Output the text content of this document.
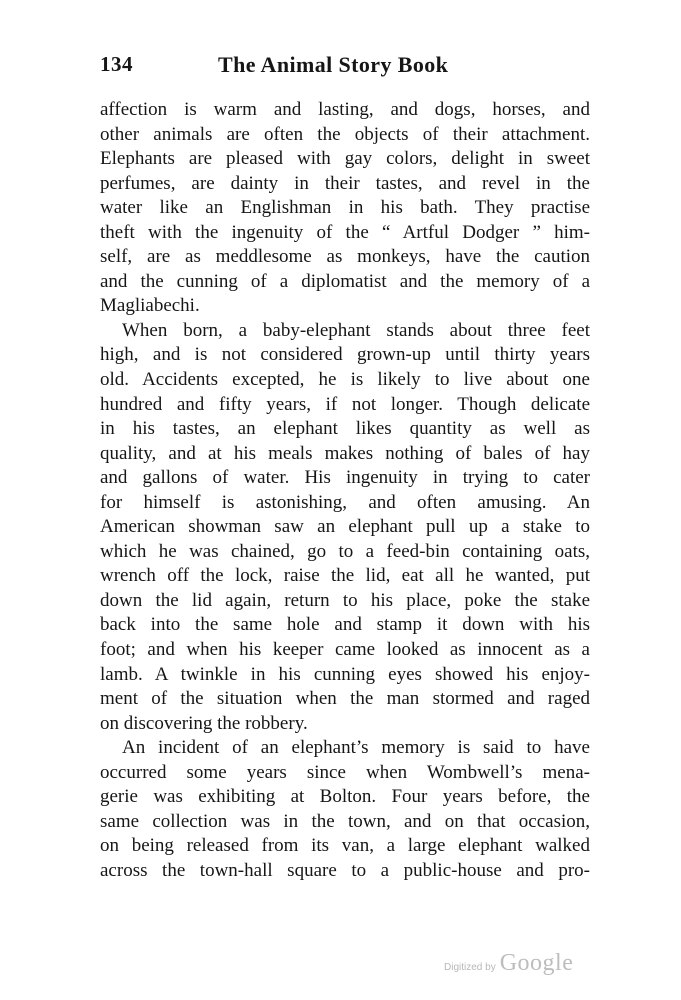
134	The Animal Story Book
affection is warm and lasting, and dogs, horses, and
other animals are often the objects of their attachment.
Elephants are pleased with gay colors, delight in sweet
perfumes, are dainty in their tastes, and revel in the
water like an Englishman in his bath. They practise
theft with the ingenuity of the “ Artful Dodger ” him-
self, are as meddlesome as monkeys, have the caution
and the cunning of a diplomatist and the memory of a
Magliabechi.
When born, a baby-elephant stands about three feet
high, and is not considered grown-up until thirty years
old. Accidents excepted, he is likely to live about one
hundred and fifty years, if not longer. Though delicate
in his tastes, an elephant likes quantity as well as
quality, and at his meals makes nothing of bales of hay
and gallons of water. His ingenuity in trying to cater
for himself is astonishing, and often amusing. An
American showman saw an elephant pull up a stake to
which he was chained, go to a feed-bin containing oats,
wrench off the lock, raise the lid, eat all he wanted, put
down the lid again, return to his place, poke the stake
back into the same hole and stamp it down with his
foot; and when his keeper came looked as innocent as a
lamb. A twinkle in his cunning eyes showed his enjoy-
ment of the situation when the man stormed and raged
on discovering the robbery.
An incident of an elephant’s memory is said to have
occurred some years since when Wombwell’s mena-
gerie was exhibiting at Bolton. Four years before, the
same collection was in the town, and on that occasion,
on being released from its van, a large elephant walked
across the town-hall square to a public-house and pro-
Digitized by Google
